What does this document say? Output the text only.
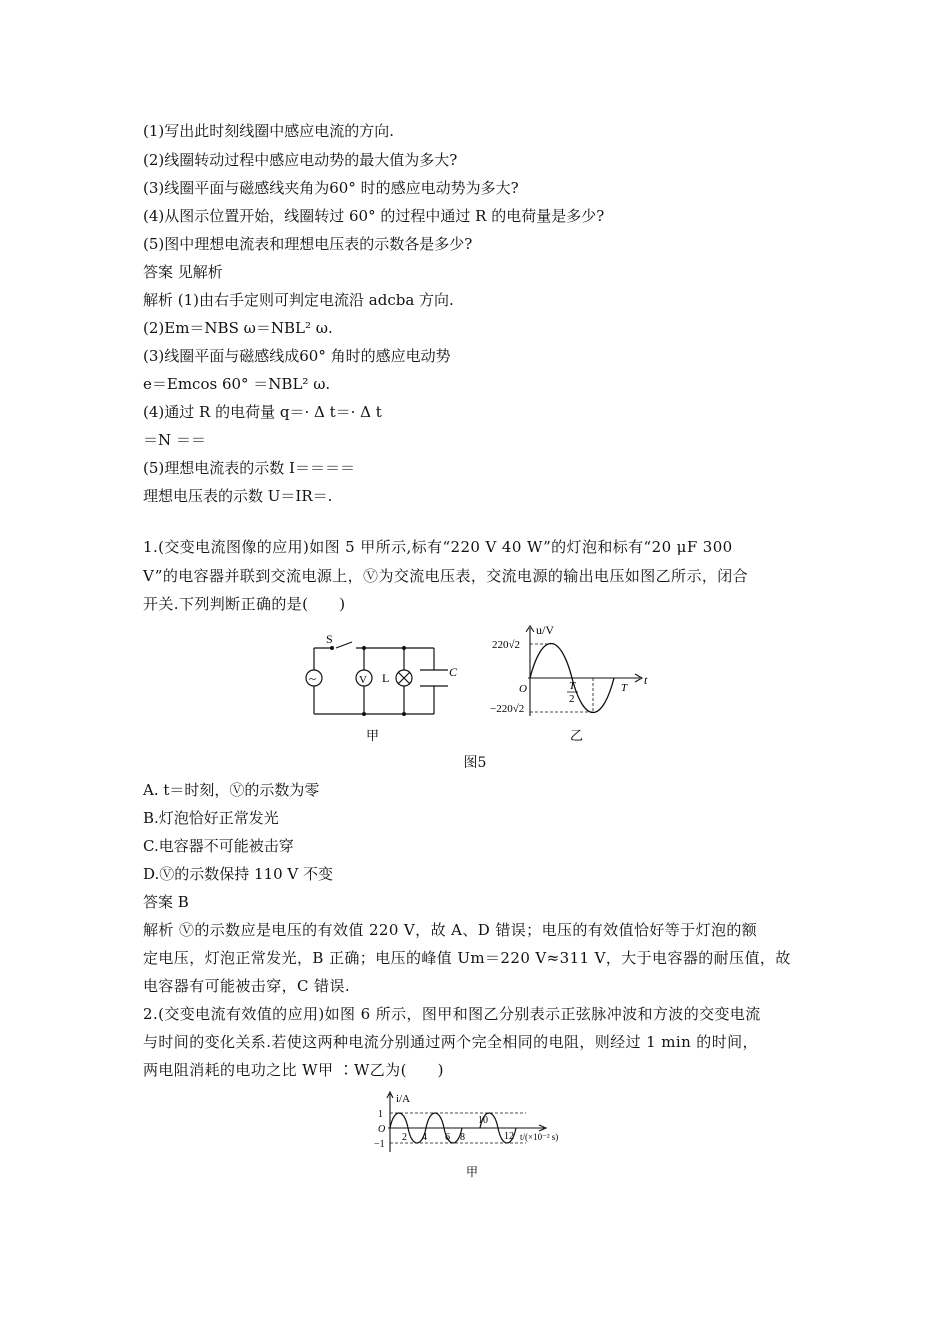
(1)写出此时刻线圈中感应电流的方向.
(2)线圈转动过程中感应电动势的最大值为多大?
(3)线圈平面与磁感线夹角为60° 时的感应电动势为多大?
(4)从图示位置开始，线圈转过 60° 的过程中通过 R 的电荷量是多少?
(5)图中理想电流表和理想电压表的示数各是多少?
答案 见解析
解析 (1)由右手定则可判定电流沿 adcba 方向.
(2)Em＝NBS ω＝NBL² ω.
(3)线圈平面与磁感线成60° 角时的感应电动势
e＝Emcos 60° ＝NBL² ω.
(4)通过 R 的电荷量 q＝· Δ t＝· Δ t
＝N ＝＝
(5)理想电流表的示数 I＝＝＝＝
理想电压表的示数 U＝IR＝.
1.(交变电流图像的应用)如图 5 甲所示,标有“220 V 40 W”的灯泡和标有“20 μF 300
V”的电容器并联到交流电源上，Ⓥ为交流电压表，交流电源的输出电压如图乙所示，闭合
开关.下列判断正确的是(　　)
~	V
S
L	C
甲
u/V
t
220√2
−220√2
O	T
2
T
乙
图5
A. t＝时刻，Ⓥ的示数为零
B.灯泡恰好正常发光
C.电容器不可能被击穿
D.Ⓥ的示数保持 110 V 不变
答案 B
解析 Ⓥ的示数应是电压的有效值 220 V，故 A、D 错误；电压的有效值恰好等于灯泡的额
定电压，灯泡正常发光，B 正确；电压的峰值 Um＝220 V≈311 V，大于电容器的耐压值，故
电容器有可能被击穿，C 错误.
2.(交变电流有效值的应用)如图 6 所示，图甲和图乙分别表示正弦脉冲波和方波的交变电流
与时间的变化关系.若使这两种电流分别通过两个完全相同的电阻，则经过 1 min 的时间，
两电阻消耗的电功之比 W甲 ∶W乙为(　　)
i/A
1
O
−1
2 4 6 8
10
12 t/(×10⁻² s)
甲
